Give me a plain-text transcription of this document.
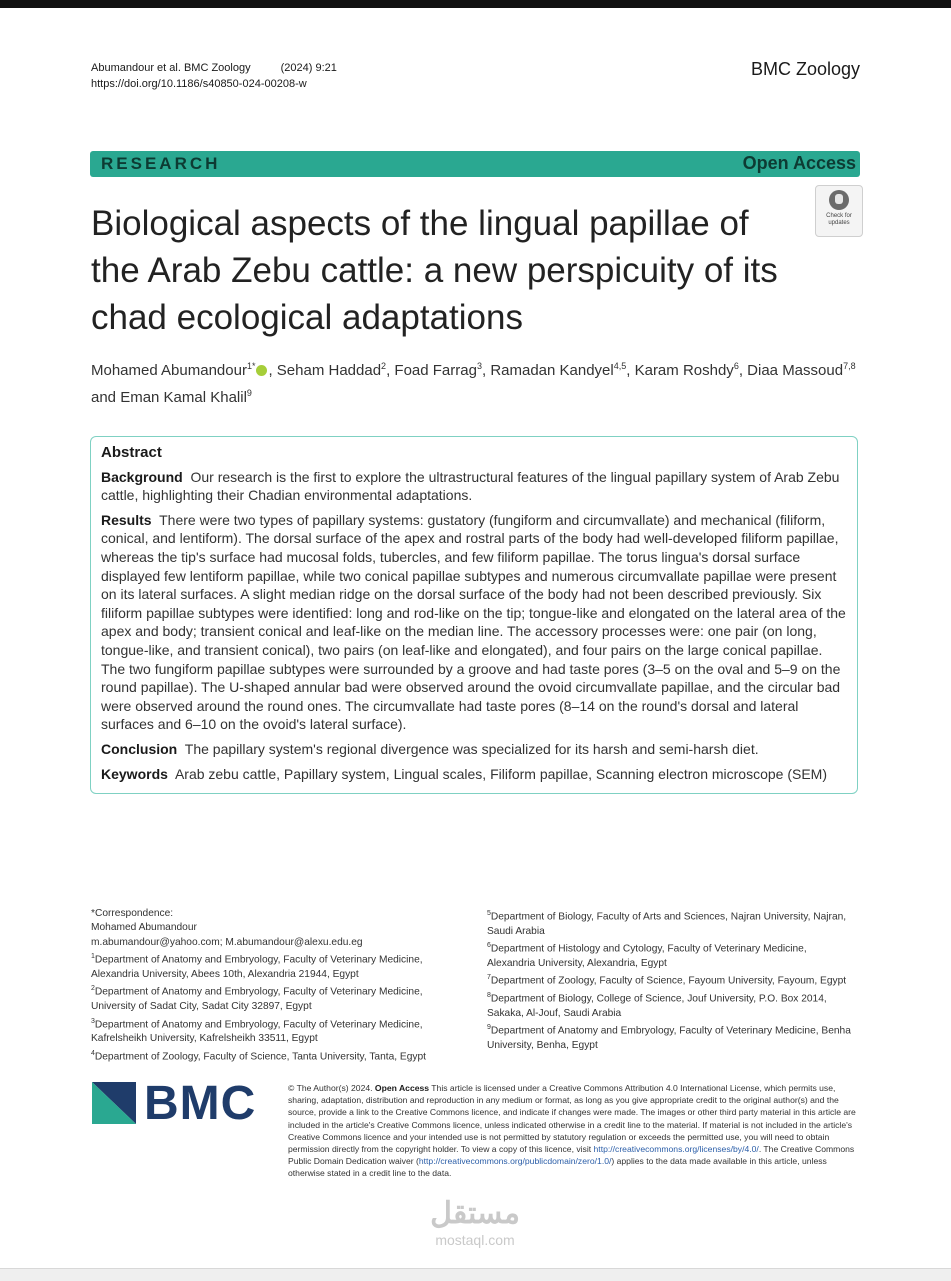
Abumandour et al. BMC Zoology	(2024) 9:21
https://doi.org/10.1186/s40850-024-00208-w
BMC Zoology
RESEARCH	Open Access
Biological aspects of the lingual papillae of the Arab Zebu cattle: a new perspicuity of its chad ecological adaptations
Check for updates
Mohamed Abumandour$^{1*}$ , Seham Haddad$^2$, Foad Farrag$^3$, Ramadan Kandyel$^{4,5}$, Karam Roshdy$^6$, Diaa Massoud$^{7,8}$ and Eman Kamal Khalil$^9$
Abstract

Background Our research is the first to explore the ultrastructural features of the lingual papillary system of Arab Zebu cattle, highlighting their Chadian environmental adaptations.

Results There were two types of papillary systems: gustatory (fungiform and circumvallate) and mechanical (filiform, conical, and lentiform). The dorsal surface of the apex and rostral parts of the body had well-developed filiform papillae, whereas the tip's surface had mucosal folds, tubercles, and few filiform papillae. The torus lingua's dorsal surface displayed few lentiform papillae, while two conical papillae subtypes and numerous circumvallate papillae were present on its lateral surfaces. A slight median ridge on the dorsal surface of the body had not been described previously. Six filiform papillae subtypes were identified: long and rod-like on the tip; tongue-like and elongated on the lateral area of the apex and body; transient conical and leaf-like on the median line. The accessory processes were: one pair (on long, tongue-like, and transient conical), two pairs (on leaf-like and elongated), and four pairs on the large conical papillae. The two fungiform papillae subtypes were surrounded by a groove and had taste pores (3–5 on the oval and 5–9 on the round papillae). The U-shaped annular bad were observed around the ovoid circumvallate papillae, and the circular bad were observed around the round ones. The circumvallate had taste pores (8–14 on the round's dorsal and lateral surfaces and 6–10 on the ovoid's lateral surface).

Conclusion The papillary system's regional divergence was specialized for its harsh and semi-harsh diet.

Keywords Arab zebu cattle, Papillary system, Lingual scales, Filiform papillae, Scanning electron microscope (SEM)

*Correspondence:

Mohamed Abumandour

m.abumandour@yahoo.com; M.abumandour@alexu.edu.eg

$^1$Department of Anatomy and Embryology, Faculty of Veterinary Medicine, Alexandria University, Abees 10th, Alexandria 21944, Egypt

$^2$Department of Anatomy and Embryology, Faculty of Veterinary Medicine, University of Sadat City, Sadat City 32897, Egypt

$^3$Department of Anatomy and Embryology, Faculty of Veterinary Medicine, Kafrelsheikh University, Kafrelsheikh 33511, Egypt

$^4$Department of Zoology, Faculty of Science, Tanta University, Tanta, Egypt

$^5$Department of Biology, Faculty of Arts and Sciences, Najran University, Najran, Saudi Arabia

$^6$Department of Histology and Cytology, Faculty of Veterinary Medicine, Alexandria University, Alexandria, Egypt

$^7$Department of Zoology, Faculty of Science, Fayoum University, Fayoum, Egypt

$^8$Department of Biology, College of Science, Jouf University, P.O. Box 2014, Sakaka, Al-Jouf, Saudi Arabia

$^9$Department of Anatomy and Embryology, Faculty of Veterinary Medicine, Benha University, Benha, Egypt

BMC	© The Author(s) 2024. Open Access This article is licensed under a Creative Commons Attribution 4.0 International License, which permits use, sharing, adaptation, distribution and reproduction in any medium or format, as long as you give appropriate credit to the original author(s) and the source, provide a link to the Creative Commons licence, and indicate if changes were made. The images or other third party material in this article are included in the article's Creative Commons licence, unless indicated otherwise in a credit line to the material. If material is not included in the article's Creative Commons licence and your intended use is not permitted by statutory regulation or exceeds the permitted use, you will need to obtain permission directly from the copyright holder. To view a copy of this licence, visit http://creativecommons.org/licenses/by/4.0/. The Creative Commons Public Domain Dedication waiver (http://creativecommons.org/publicdomain/zero/1.0/) applies to the data made available in this article, unless otherwise stated in a credit line to the data.
مستقل
mostaql.com
